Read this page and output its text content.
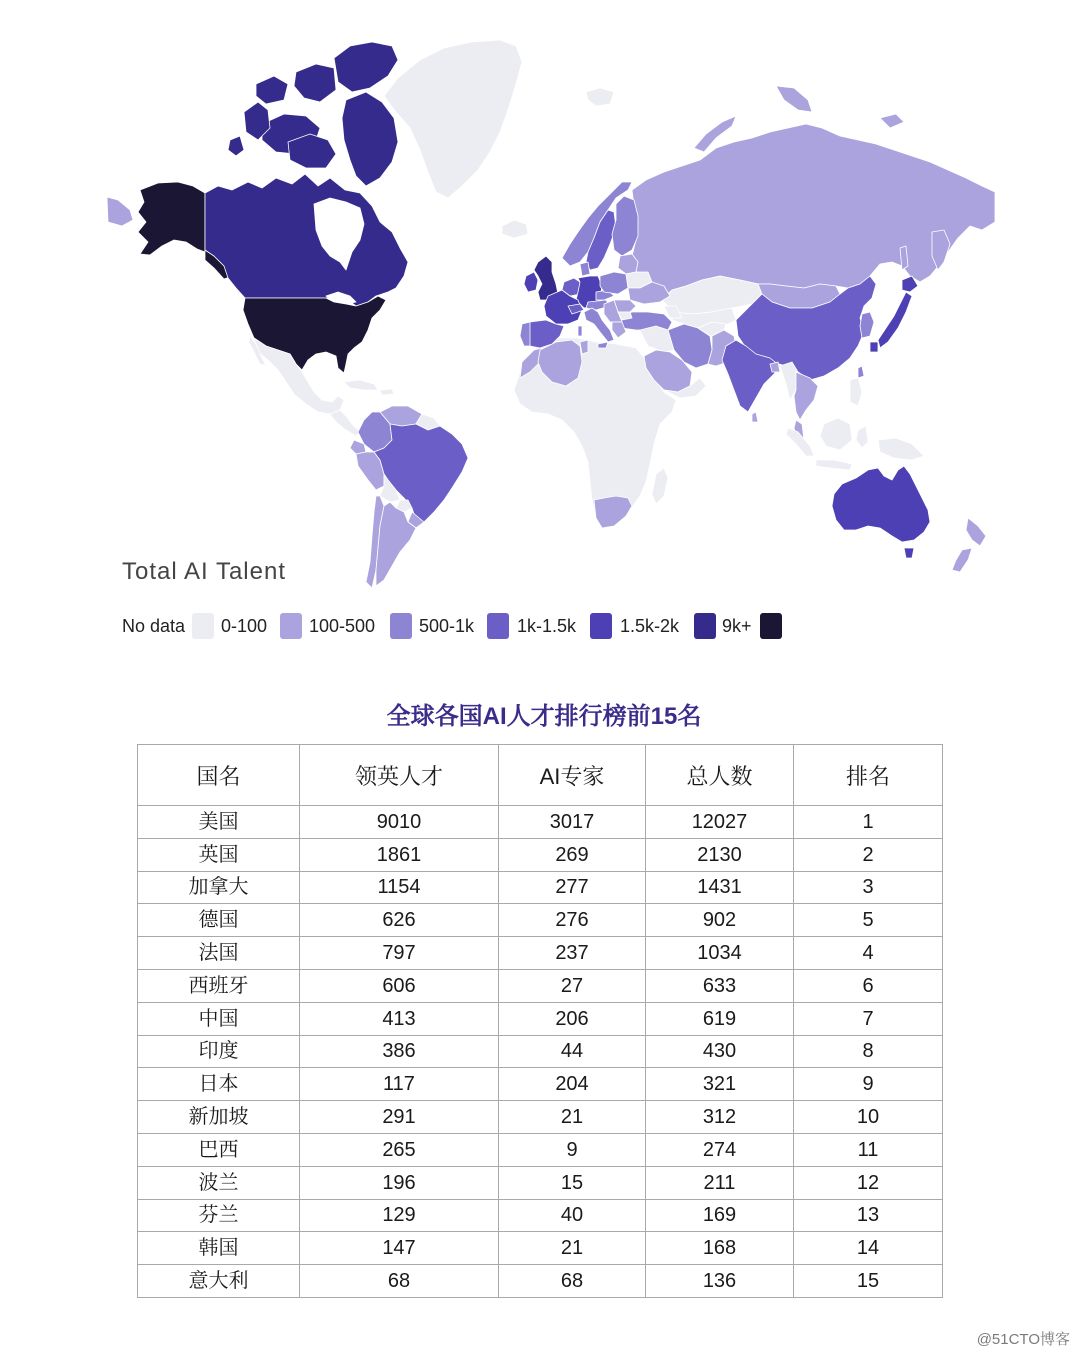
Total AI Talent
No data 0-100 100-500 500-1k 1k-1.5k 1.5k-2k 9k+
全球各国AI人才排行榜前15名
国名	领英人才	AI专家	总人数	排名
美国	9010	3017	12027	1
英国	1861	269	2130	2
加拿大	1154	277	1431	3
德国	626	276	902	5
法国	797	237	1034	4
西班牙	606	27	633	6
中国	413	206	619	7
印度	386	44	430	8
日本	117	204	321	9
新加坡	291	21	312	10
巴西	265	9	274	11
波兰	196	15	211	12
芬兰	129	40	169	13
韩国	147	21	168	14
意大利	68	68	136	15
@51CTO博客
